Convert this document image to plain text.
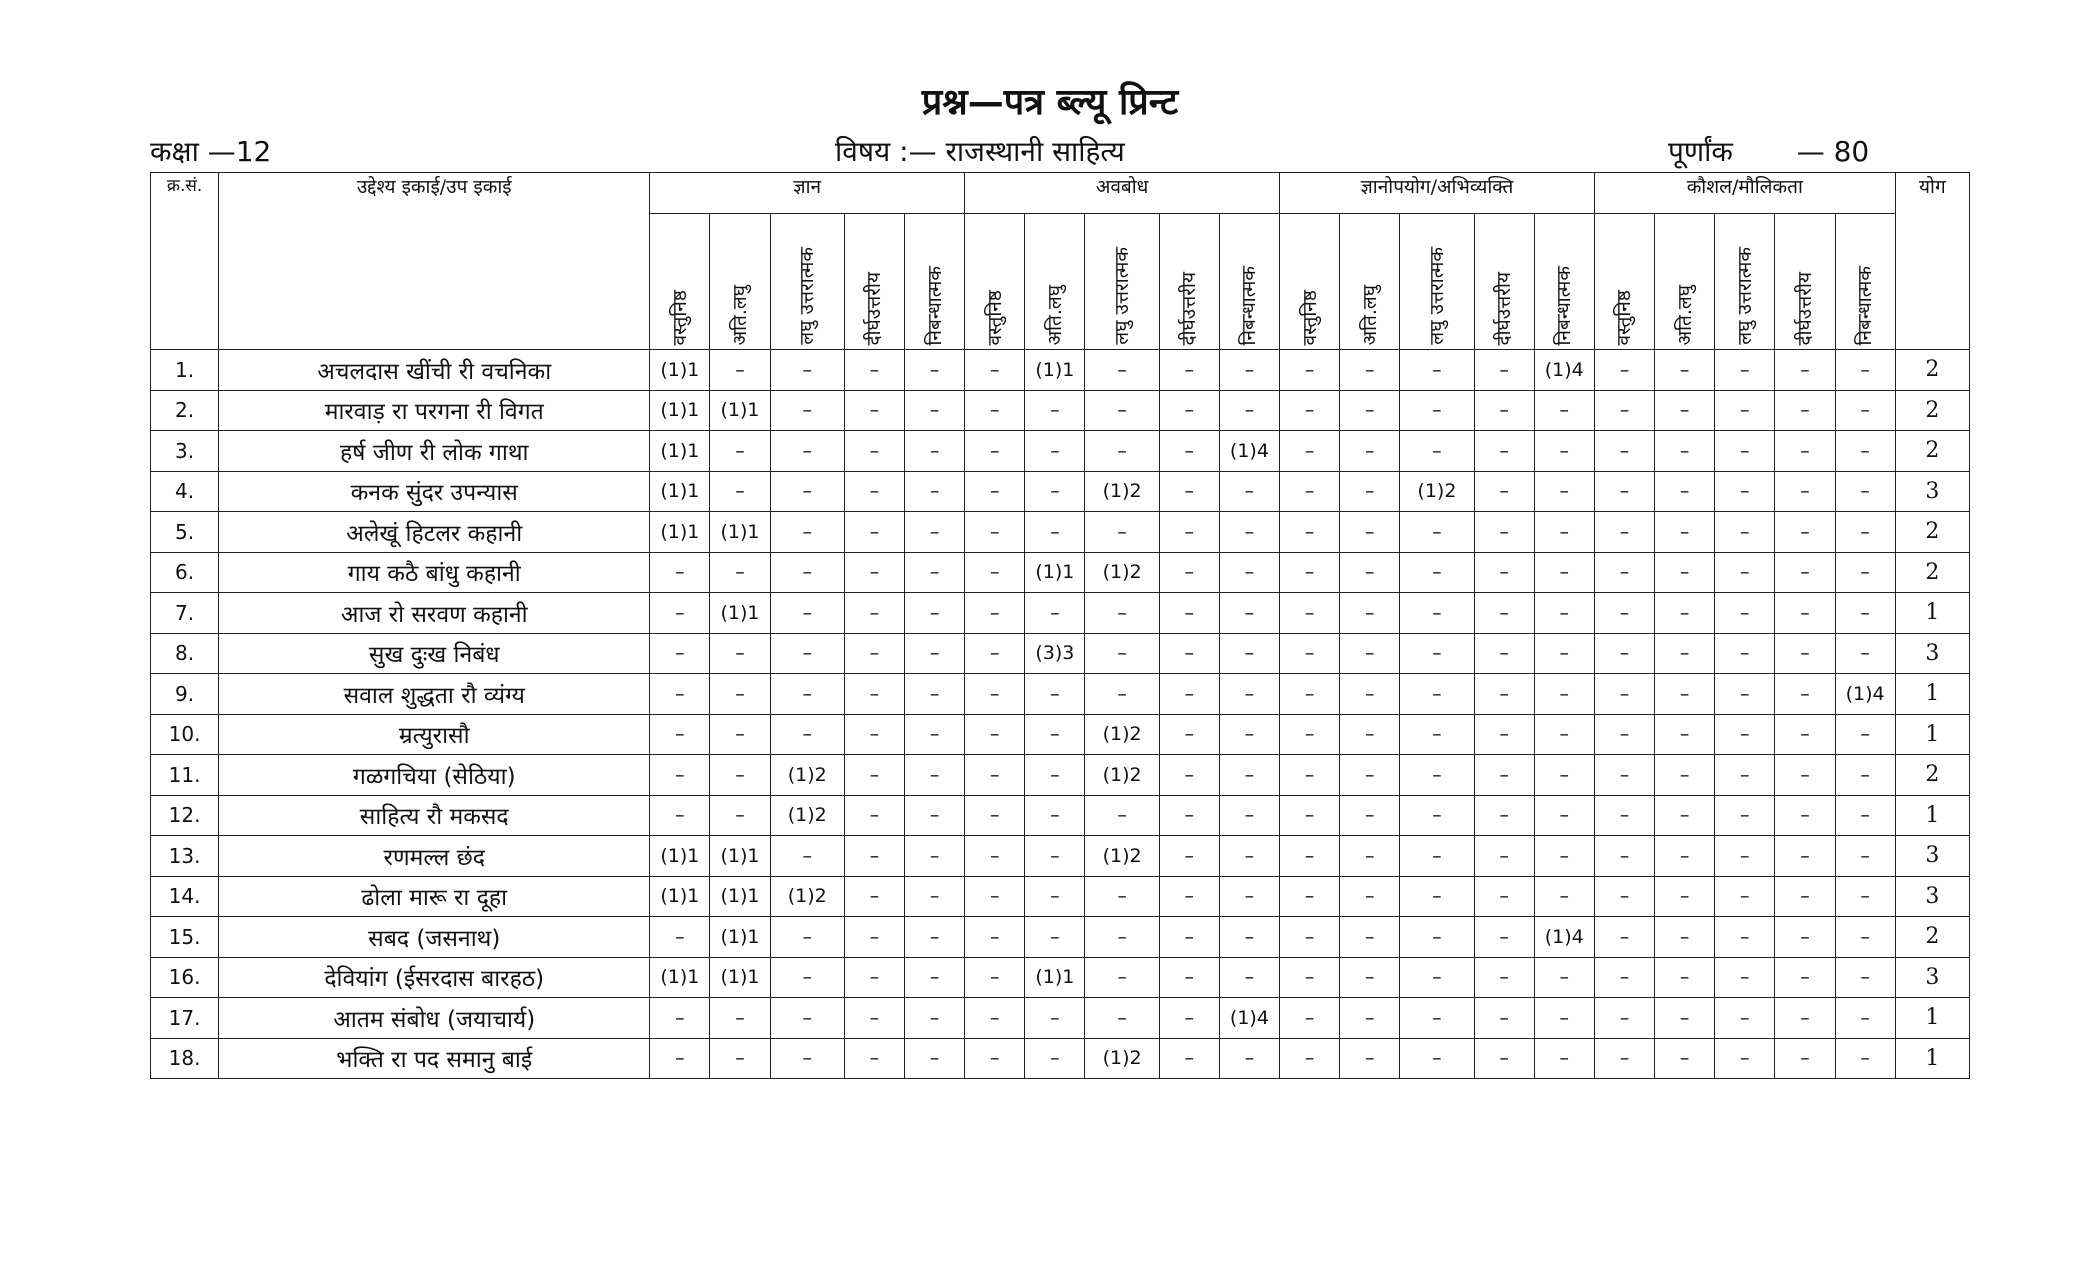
प्रश्न—पत्र ब्ल्यू प्रिन्ट
कक्षा —12	विषय :— राजस्थानी साहित्य	पूर्णांक — 80
क्र.सं.	उद्देश्य इकाई/उप इकाई	ज्ञान					अवबोध					ज्ञानोपयोग/अभिव्यक्ति					कौशल/मौलिकता					योग
		वस्तुनिष्ठ	अति.लघु	लघु उत्तरात्मक	दीर्घउत्तरीय	निबन्धात्मक	वस्तुनिष्ठ	अति.लघु	लघु उत्तरात्मक	दीर्घउत्तरीय	निबन्धात्मक	वस्तुनिष्ठ	अति.लघु	लघु उत्तरात्मक	दीर्घउत्तरीय	निबन्धात्मक	वस्तुनिष्ठ	अति.लघु	लघु उत्तरात्मक	दीर्घउत्तरीय	निबन्धात्मक	
1.	अचलदास खींची री वचनिका	(1)1	–	–	–	–	–	(1)1	–	–	–	–	–	–	–	(1)4	–	–	–	–	–	2
2.	मारवाड़ रा परगना री विगत	(1)1	(1)1	–	–	–	–	–	–	–	–	–	–	–	–	–	–	–	–	–	–	2
3.	हर्ष जीण री लोक गाथा	(1)1	–	–	–	–	–	–	–	–	(1)4	–	–	–	–	–	–	–	–	–	–	2
4.	कनक सुंदर उपन्यास	(1)1	–	–	–	–	–	–	(1)2	–	–	–	–	(1)2	–	–	–	–	–	–	–	3
5.	अलेखूं हिटलर कहानी	(1)1	(1)1	–	–	–	–	–	–	–	–	–	–	–	–	–	–	–	–	–	–	2
6.	गाय कठै बांधु कहानी	–	–	–	–	–	–	(1)1	(1)2	–	–	–	–	–	–	–	–	–	–	–	–	2
7.	आज रो सरवण कहानी	–	(1)1	–	–	–	–	–	–	–	–	–	–	–	–	–	–	–	–	–	–	1
8.	सुख दुःख निबंध	–	–	–	–	–	–	(3)3	–	–	–	–	–	–	–	–	–	–	–	–	–	3
9.	सवाल शुद्धता रौ व्यंग्य	–	–	–	–	–	–	–	–	–	–	–	–	–	–	–	–	–	–	–	(1)4	1
10.	म्रत्युरासौ	–	–	–	–	–	–	–	(1)2	–	–	–	–	–	–	–	–	–	–	–	–	1
11.	गळगचिया (सेठिया)	–	–	(1)2	–	–	–	–	(1)2	–	–	–	–	–	–	–	–	–	–	–	–	2
12.	साहित्य रौ मकसद	–	–	(1)2	–	–	–	–	–	–	–	–	–	–	–	–	–	–	–	–	–	1
13.	रणमल्ल छंद	(1)1	(1)1	–	–	–	–	–	(1)2	–	–	–	–	–	–	–	–	–	–	–	–	3
14.	ढोला मारू रा दूहा	(1)1	(1)1	(1)2	–	–	–	–	–	–	–	–	–	–	–	–	–	–	–	–	–	3
15.	सबद (जसनाथ)	–	(1)1	–	–	–	–	–	–	–	–	–	–	–	–	(1)4	–	–	–	–	–	2
16.	देवियांग (ईसरदास बारहठ)	(1)1	(1)1	–	–	–	–	(1)1	–	–	–	–	–	–	–	–	–	–	–	–	–	3
17.	आतम संबोध (जयाचार्य)	–	–	–	–	–	–	–	–	–	(1)4	–	–	–	–	–	–	–	–	–	–	1
18.	भक्ति रा पद समानु बाई	–	–	–	–	–	–	–	(1)2	–	–	–	–	–	–	–	–	–	–	–	–	1
